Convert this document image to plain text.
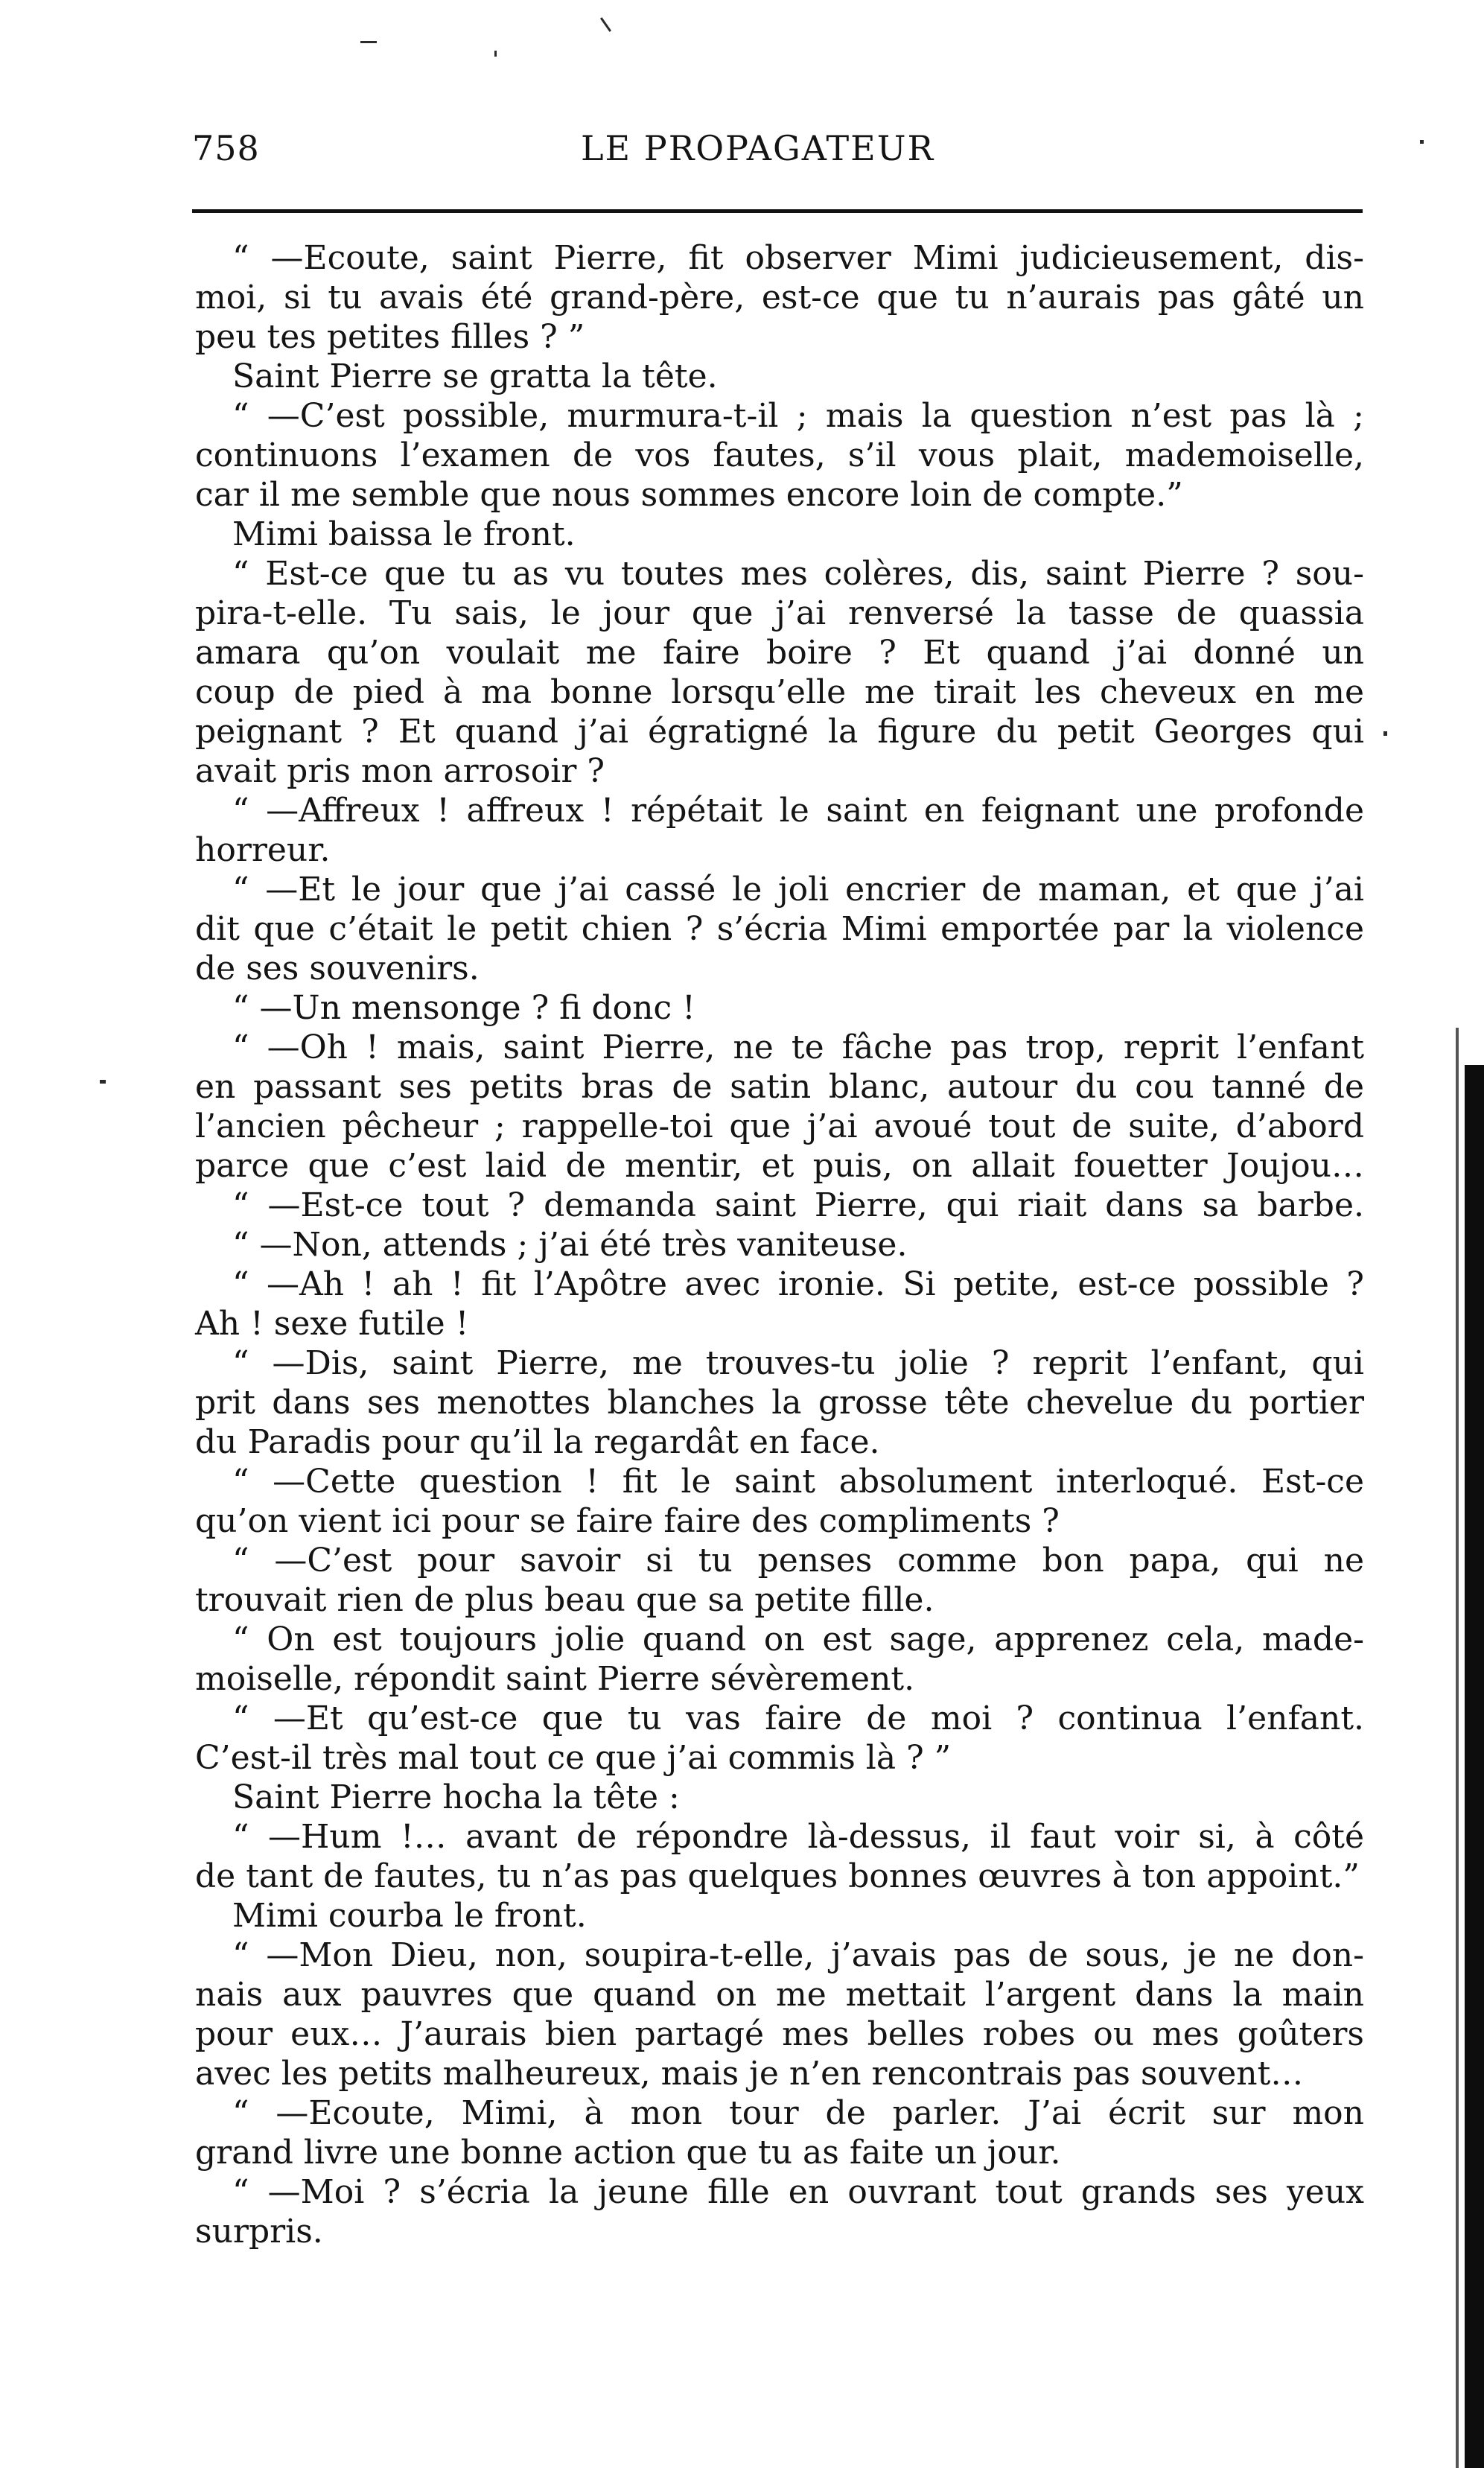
758	LE PROPAGATEUR
“ —Ecoute, saint Pierre, fit observer Mimi judicieusement, dis-
moi, si tu avais été grand-père, est-ce que tu n’aurais pas gâté un
peu tes petites filles ? ”
Saint Pierre se gratta la tête.
“ —C’est possible, murmura-t-il ; mais la question n’est pas là ;
continuons l’examen de vos fautes, s’il vous plait, mademoiselle,
car il me semble que nous sommes encore loin de compte.”
Mimi baissa le front.
“ Est-ce que tu as vu toutes mes colères, dis, saint Pierre ? sou-
pira-t-elle. Tu sais, le jour que j’ai renversé la tasse de quassia
amara qu’on voulait me faire boire ? Et quand j’ai donné un
coup de pied à ma bonne lorsqu’elle me tirait les cheveux en me
peignant ? Et quand j’ai égratigné la figure du petit Georges qui
avait pris mon arrosoir ?
“ —Affreux ! affreux ! répétait le saint en feignant une profonde
horreur.
“ —Et le jour que j’ai cassé le joli encrier de maman, et que j’ai
dit que c’était le petit chien ? s’écria Mimi emportée par la violence
de ses souvenirs.
“ —Un mensonge ? fi donc !
“ —Oh ! mais, saint Pierre, ne te fâche pas trop, reprit l’enfant
en passant ses petits bras de satin blanc, autour du cou tanné de
l’ancien pêcheur ; rappelle-toi que j’ai avoué tout de suite, d’abord
parce que c’est laid de mentir, et puis, on allait fouetter Joujou…
“ —Est-ce tout ? demanda saint Pierre, qui riait dans sa barbe.
“ —Non, attends ; j’ai été très vaniteuse.
“ —Ah ! ah ! fit l’Apôtre avec ironie. Si petite, est-ce possible ?
Ah ! sexe futile !
“ —Dis, saint Pierre, me trouves-tu jolie ? reprit l’enfant, qui
prit dans ses menottes blanches la grosse tête chevelue du portier
du Paradis pour qu’il la regardât en face.
“ —Cette question ! fit le saint absolument interloqué. Est-ce
qu’on vient ici pour se faire faire des compliments ?
“ —C’est pour savoir si tu penses comme bon papa, qui ne
trouvait rien de plus beau que sa petite fille.
“ On est toujours jolie quand on est sage, apprenez cela, made-
moiselle, répondit saint Pierre sévèrement.
“ —Et qu’est-ce que tu vas faire de moi ? continua l’enfant.
C’est-il très mal tout ce que j’ai commis là ? ”
Saint Pierre hocha la tête :
“ —Hum !… avant de répondre là-dessus, il faut voir si, à côté
de tant de fautes, tu n’as pas quelques bonnes œuvres à ton appoint.”
Mimi courba le front.
“ —Mon Dieu, non, soupira-t-elle, j’avais pas de sous, je ne don-
nais aux pauvres que quand on me mettait l’argent dans la main
pour eux… J’aurais bien partagé mes belles robes ou mes goûters
avec les petits malheureux, mais je n’en rencontrais pas souvent…
“ —Ecoute, Mimi, à mon tour de parler. J’ai écrit sur mon
grand livre une bonne action que tu as faite un jour.
“ —Moi ? s’écria la jeune fille en ouvrant tout grands ses yeux
surpris.
